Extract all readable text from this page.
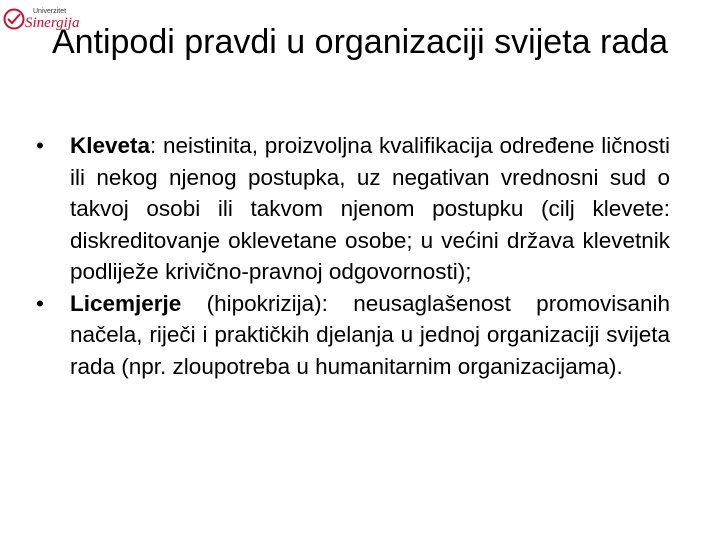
Univerzitet
Sinergija
Antipodi pravdi u organizaciji svijeta rada
•	Kleveta: neistinita, proizvoljna kvalifikacija određene ličnosti ili nekog njenog postupka, uz negativan vrednosni sud o takvoj osobi ili takvom njenom postupku (cilj klevete: diskreditovanje oklevetane osobe; u većini država klevetnik podliježe krivično-pravnoj odgovornosti);
•	Licemjerje (hipokrizija): neusaglašenost promovisanih načela, riječi i praktičkih djelanja u jednoj organizaciji svijeta rada (npr. zloupotreba u humanitarnim organizacijama).
